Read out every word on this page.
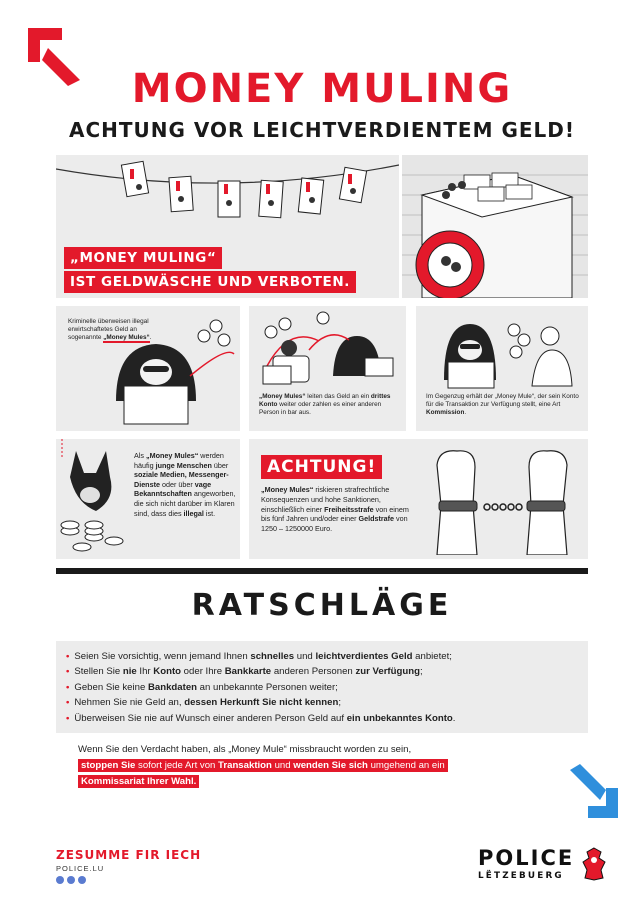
MONEY MULING
ACHTUNG VOR LEICHTVERDIENTEM GELD!
„MONEY MULING“
IST GELDWÄSCHE UND VERBOTEN.
Kriminelle überweisen illegal erwirtschaftetes Geld an sogenannte „Money Mules“.
„Money Mules“ leiten das Geld an ein drittes Konto weiter oder zahlen es einer anderen Person in bar aus.
Im Gegenzug erhält der „Money Mule“, der sein Konto für die Transaktion zur Verfügung stellt, eine Art Kommission.
Als „Money Mules“ werden häufig junge Menschen über soziale Medien, Messenger-Dienste oder über vage Bekanntschaften angeworben, die sich nicht darüber im Klaren sind, dass dies illegal ist.
ACHTUNG!
„Money Mules“ riskieren strafrechtliche Konsequenzen und hohe Sanktionen, einschließlich einer Freiheitsstrafe von einem bis fünf Jahren und/oder einer Geldstrafe von 1250 – 1250000 Euro.
RATSCHLÄGE
• Seien Sie vorsichtig, wenn jemand Ihnen schnelles und leichtverdientes Geld anbietet;
• Stellen Sie nie Ihr Konto oder Ihre Bankkarte anderen Personen zur Verfügung;
• Geben Sie keine Bankdaten an unbekannte Personen weiter;
• Nehmen Sie nie Geld an, dessen Herkunft Sie nicht kennen;
• Überweisen Sie nie auf Wunsch einer anderen Person Geld auf ein unbekanntes Konto.
Wenn Sie den Verdacht haben, als „Money Mule“ missbraucht worden zu sein,
stoppen Sie sofort jede Art von Transaktion und wenden Sie sich umgehend an ein
Kommissariat Ihrer Wahl.
ZESUMME FIR IECH
POLICE.LU	POLICE
LËTZEBUERG
